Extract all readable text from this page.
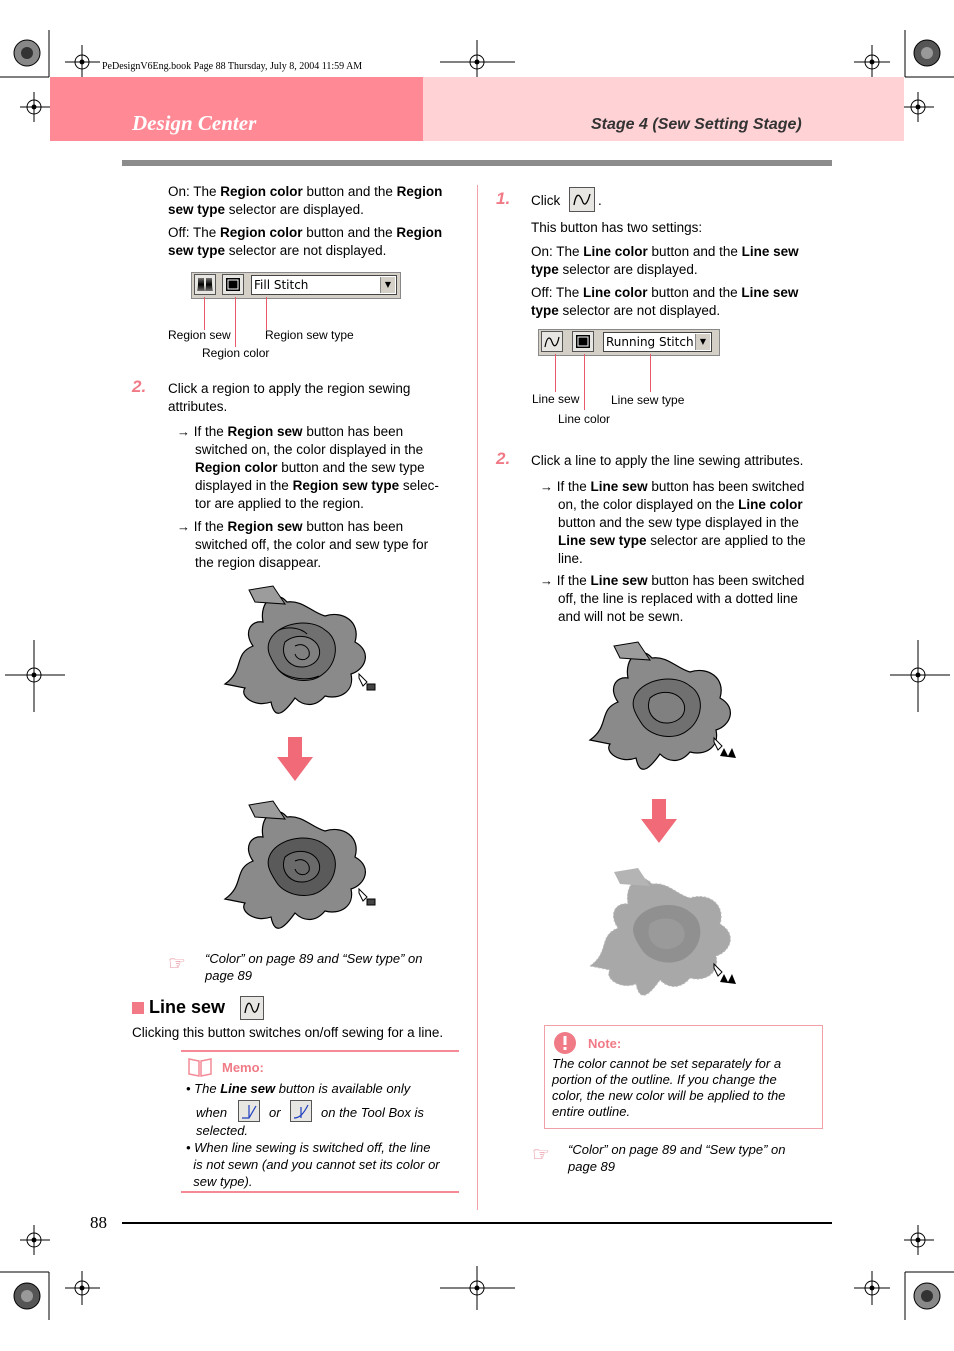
PeDesignV6Eng.book Page 88 Thursday, July 8, 2004 11:59 AM
Design Center	Stage 4 (Sew Setting Stage)

On: The Region color button and the Region
sew type selector are displayed.

Off: The Region color button and the Region
sew type selector are not displayed.

Fill Stitch	▼
Region sew	Region sew type
Region color
2. Click a region to apply the region sewing
attributes.

→ If the Region sew button has been

switched on, the color displayed in the
Region color button and the sew type
displayed in the Region sew type selec-
tor are applied to the region.

→ If the Region sew button has been

switched off, the color and sew type for
the region disappear.

☞ “Color” on page 89 and “Sew type” on
page 89
Line sew

Clicking this button switches on/off sewing for a line.

Memo:
• The Line sew button is available only
when	or	on the Tool Box is
selected.
• When line sewing is switched off, the line
is not sewn (and you cannot set its color or
sew type).
1. Click	.

This button has two settings:

On: The Line color button and the Line sew
type selector are displayed.

Off: The Line color button and the Line sew
type selector are not displayed.

Running Stitch ▼
Line sew	Line sew type
Line color
2. Click a line to apply the line sewing attributes.

→ If the Line sew button has been switched

on, the color displayed on the Line color
button and the sew type displayed in the
Line sew type selector are applied to the
line.

→ If the Line sew button has been switched

off, the line is replaced with a dotted line
and will not be sewn.

Note:
The color cannot be set separately for a
portion of the outline. If you change the
color, the new color will be applied to the
entire outline.
☞ “Color” on page 89 and “Sew type” on
page 89
88
